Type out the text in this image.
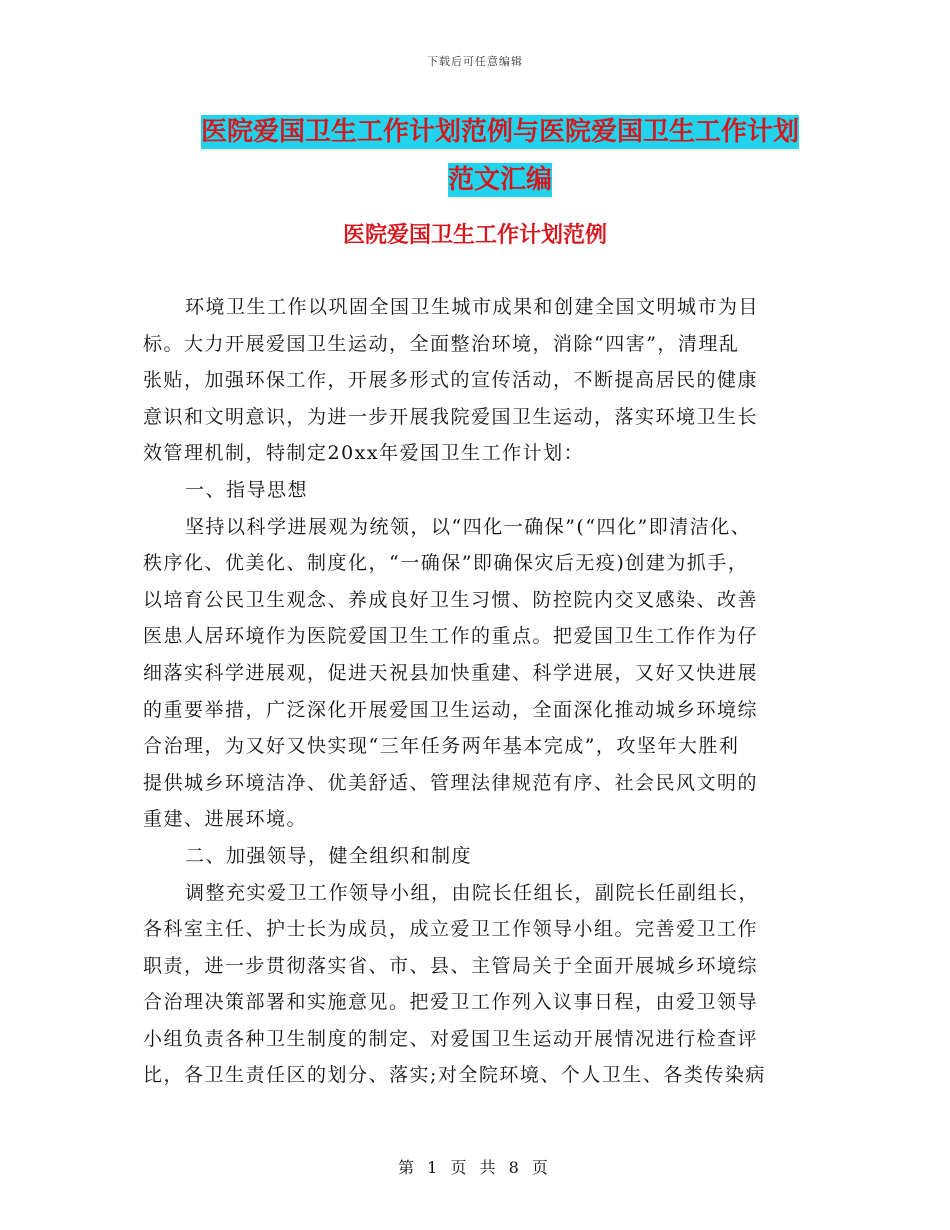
下载后可任意编辑
医院爱国卫生工作计划范例与医院爱国卫生工作计划
范文汇编
医院爱国卫生工作计划范例
环境卫生工作以巩固全国卫生城市成果和创建全国文明城市为目
标。大力开展爱国卫生运动，全面整治环境，消除“四害”，清理乱
张贴，加强环保工作，开展多形式的宣传活动，不断提高居民的健康
意识和文明意识，为进一步开展我院爱国卫生运动，落实环境卫生长
效管理机制，特制定20xx年爱国卫生工作计划：
一、指导思想
坚持以科学进展观为统领，以“四化一确保”(“四化”即清洁化、
秩序化、优美化、制度化，“一确保”即确保灾后无疫)创建为抓手，
以培育公民卫生观念、养成良好卫生习惯、防控院内交叉感染、改善
医患人居环境作为医院爱国卫生工作的重点。把爱国卫生工作作为仔
细落实科学进展观，促进天祝县加快重建、科学进展，又好又快进展
的重要举措，广泛深化开展爱国卫生运动，全面深化推动城乡环境综
合治理，为又好又快实现“三年任务两年基本完成”，攻坚年大胜利
提供城乡环境洁净、优美舒适、管理法律规范有序、社会民风文明的
重建、进展环境。
二、加强领导，健全组织和制度
调整充实爱卫工作领导小组，由院长任组长，副院长任副组长，
各科室主任、护士长为成员，成立爱卫工作领导小组。完善爱卫工作
职责，进一步贯彻落实省、市、县、主管局关于全面开展城乡环境综
合治理决策部署和实施意见。把爱卫工作列入议事日程，由爱卫领导
小组负责各种卫生制度的制定、对爱国卫生运动开展情况进行检查评
比，各卫生责任区的划分、落实;对全院环境、个人卫生、各类传染病
第 1 页 共 8 页
